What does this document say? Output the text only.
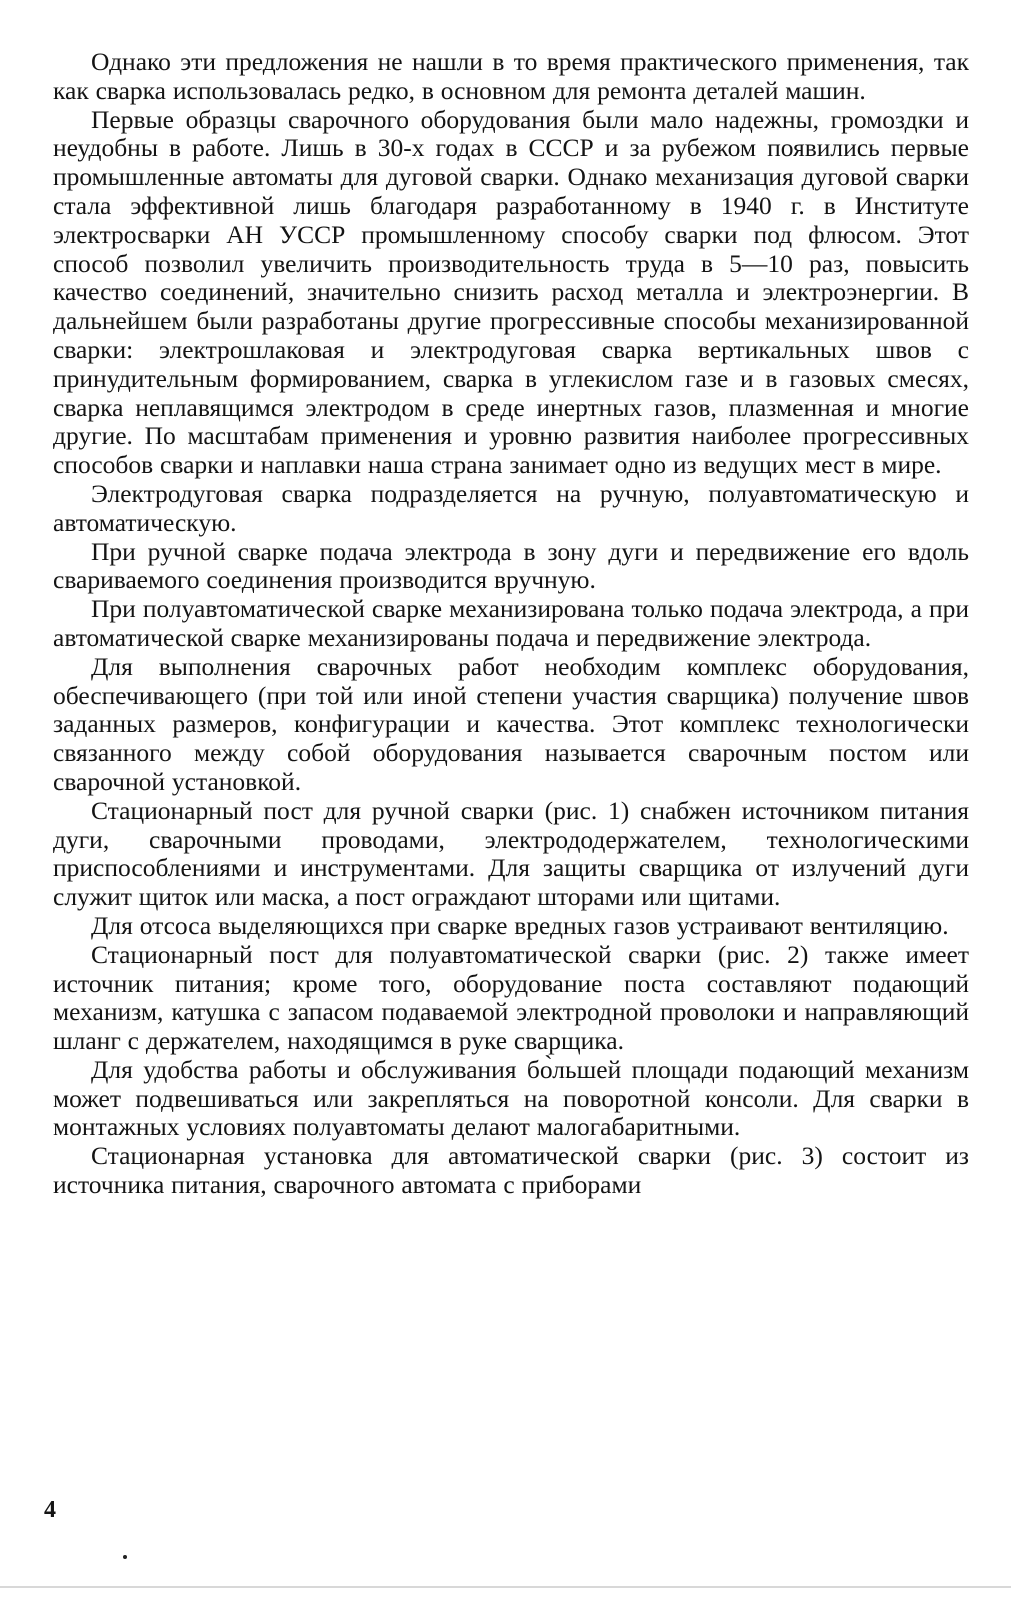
Однако эти предложения не нашли в то время практического применения, так как сварка использовалась редко, в основном для ремонта деталей машин.

Первые образцы сварочного оборудования были мало надежны, громоздки и неудобны в работе. Лишь в 30-х годах в СССР и за рубежом появились первые промышленные автоматы для дуговой сварки. Однако механизация дуговой сварки стала эффективной лишь благодаря разработанному в 1940 г. в Институте электросварки АН УССР промышленному способу сварки под флюсом. Этот способ позволил увеличить производительность труда в 5—10 раз, повысить качество соединений, значительно снизить расход металла и электроэнергии. В дальнейшем были разработаны другие прогрессивные способы механизированной сварки: электрошлаковая и электродуговая сварка вертикальных швов с принудительным формированием, сварка в углекислом газе и в газовых смесях, сварка неплавящимся электродом в среде инертных газов, плазменная и многие другие. По масштабам применения и уровню развития наиболее прогрессивных способов сварки и наплавки наша страна занимает одно из ведущих мест в мире.

Электродуговая сварка подразделяется на ручную, полуавтоматическую и автоматическую.

При ручной сварке подача электрода в зону дуги и передвижение его вдоль свариваемого соединения производится вручную.

При полуавтоматической сварке механизирована только подача электрода, а при автоматической сварке механизированы подача и передвижение электрода.

Для выполнения сварочных работ необходим комплекс оборудования, обеспечивающего (при той или иной степени участия сварщика) получение швов заданных размеров, конфигурации и качества. Этот комплекс технологически связанного между собой оборудования называется сварочным постом или сварочной установкой.

Стационарный пост для ручной сварки (рис. 1) снабжен источником питания дуги, сварочными проводами, электрододержателем, технологическими приспособлениями и инструментами. Для защиты сварщика от излучений дуги служит щиток или маска, а пост ограждают шторами или щитами.

Для отсоса выделяющихся при сварке вредных газов устраивают вентиляцию.

Стационарный пост для полуавтоматической сварки (рис. 2) также имеет источник питания; кроме того, оборудование поста составляют подающий механизм, катушка с запасом подаваемой электродной проволоки и направляющий шланг с держателем, находящимся в руке сварщика.

Для удобства работы и обслуживания бо̀льшей площади подающий механизм может подвешиваться или закрепляться на поворотной консоли. Для сварки в монтажных условиях полуавтоматы делают малогабаритными.

Стационарная установка для автоматической сварки (рис. 3) состоит из источника питания, сварочного автомата с приборами

4
